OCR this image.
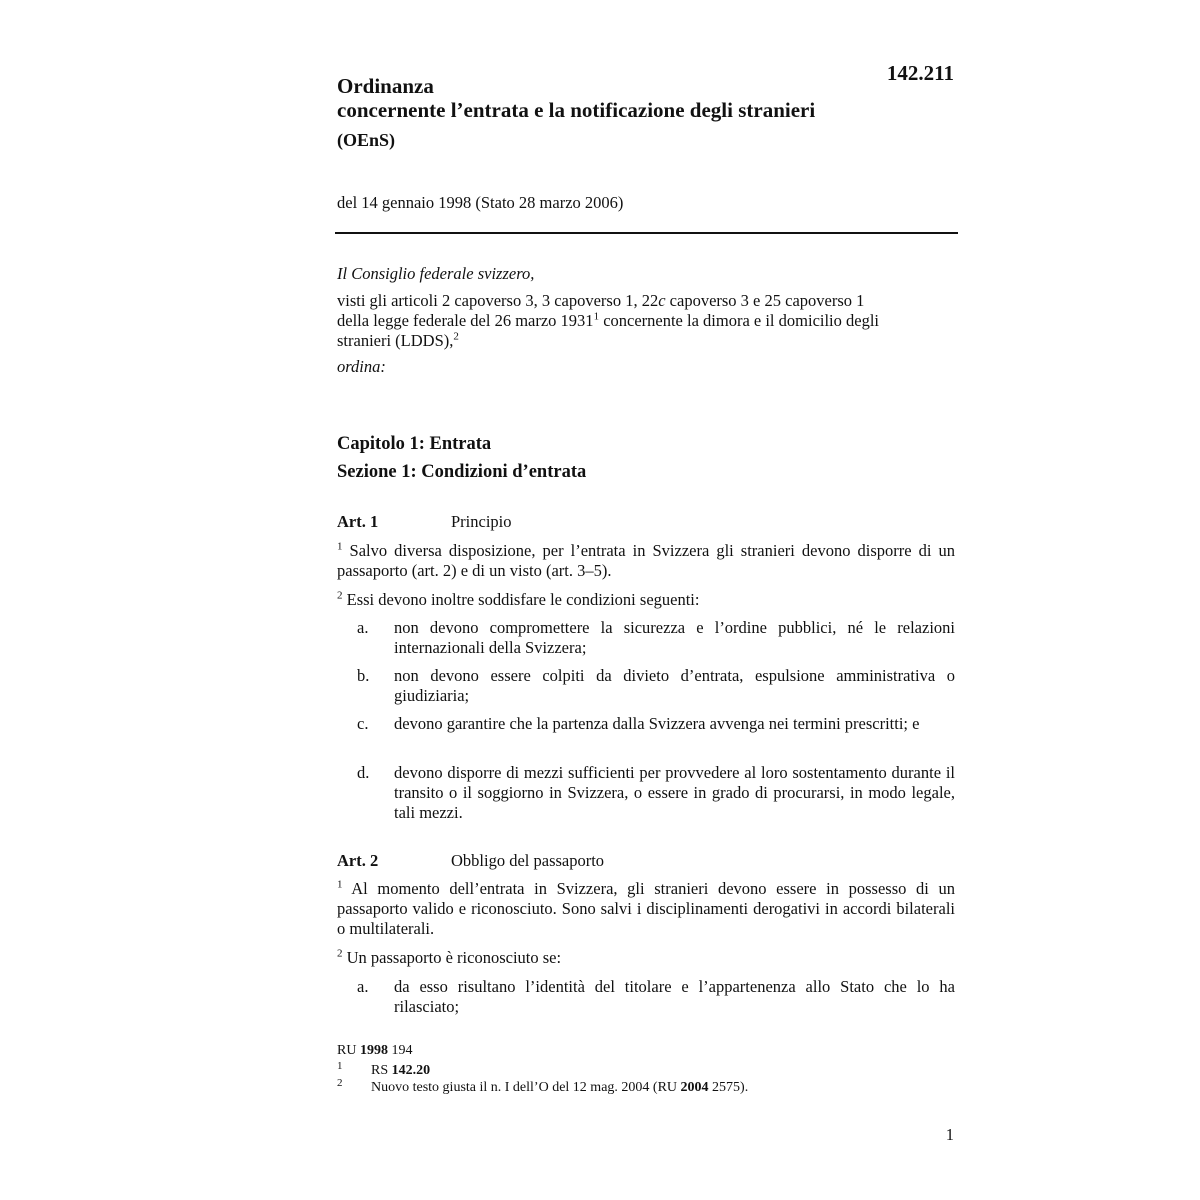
142.211
Ordinanza
concernente l’entrata e la notificazione degli stranieri
(OEnS)
del 14 gennaio 1998 (Stato 28 marzo 2006)
Il Consiglio federale svizzero,
visti gli articoli 2 capoverso 3, 3 capoverso 1, 22c capoverso 3 e 25 capoverso 1
della legge federale del 26 marzo 1931$^1$ concernente la dimora e il domicilio degli
stranieri (LDDS),$^2$
ordina:
Capitolo 1: Entrata
Sezione 1: Condizioni d’entrata
Art. 1	Principio
$^1$ Salvo diversa disposizione, per l’entrata in Svizzera gli stranieri devono disporre di un passaporto (art. 2) e di un visto (art. 3–5).
$^2$ Essi devono inoltre soddisfare le condizioni seguenti:
a. non devono compromettere la sicurezza e l’ordine pubblici, né le relazioni internazionali della Svizzera;
b. non devono essere colpiti da divieto d’entrata, espulsione amministrativa o giudiziaria;
c. devono garantire che la partenza dalla Svizzera avvenga nei termini prescritti; e
d. devono disporre di mezzi sufficienti per provvedere al loro sostentamento durante il transito o il soggiorno in Svizzera, o essere in grado di procurarsi, in modo legale, tali mezzi.
Art. 2	Obbligo del passaporto
$^1$ Al momento dell’entrata in Svizzera, gli stranieri devono essere in possesso di un passaporto valido e riconosciuto. Sono salvi i disciplinamenti derogativi in accordi bilaterali o multilaterali.
$^2$ Un passaporto è riconosciuto se:
a. da esso risultano l’identità del titolare e l’appartenenza allo Stato che lo ha rilasciato;
RU 1998 194
1 RS 142.20
2 Nuovo testo giusta il n. I dell’O del 12 mag. 2004 (RU 2004 2575).
1
